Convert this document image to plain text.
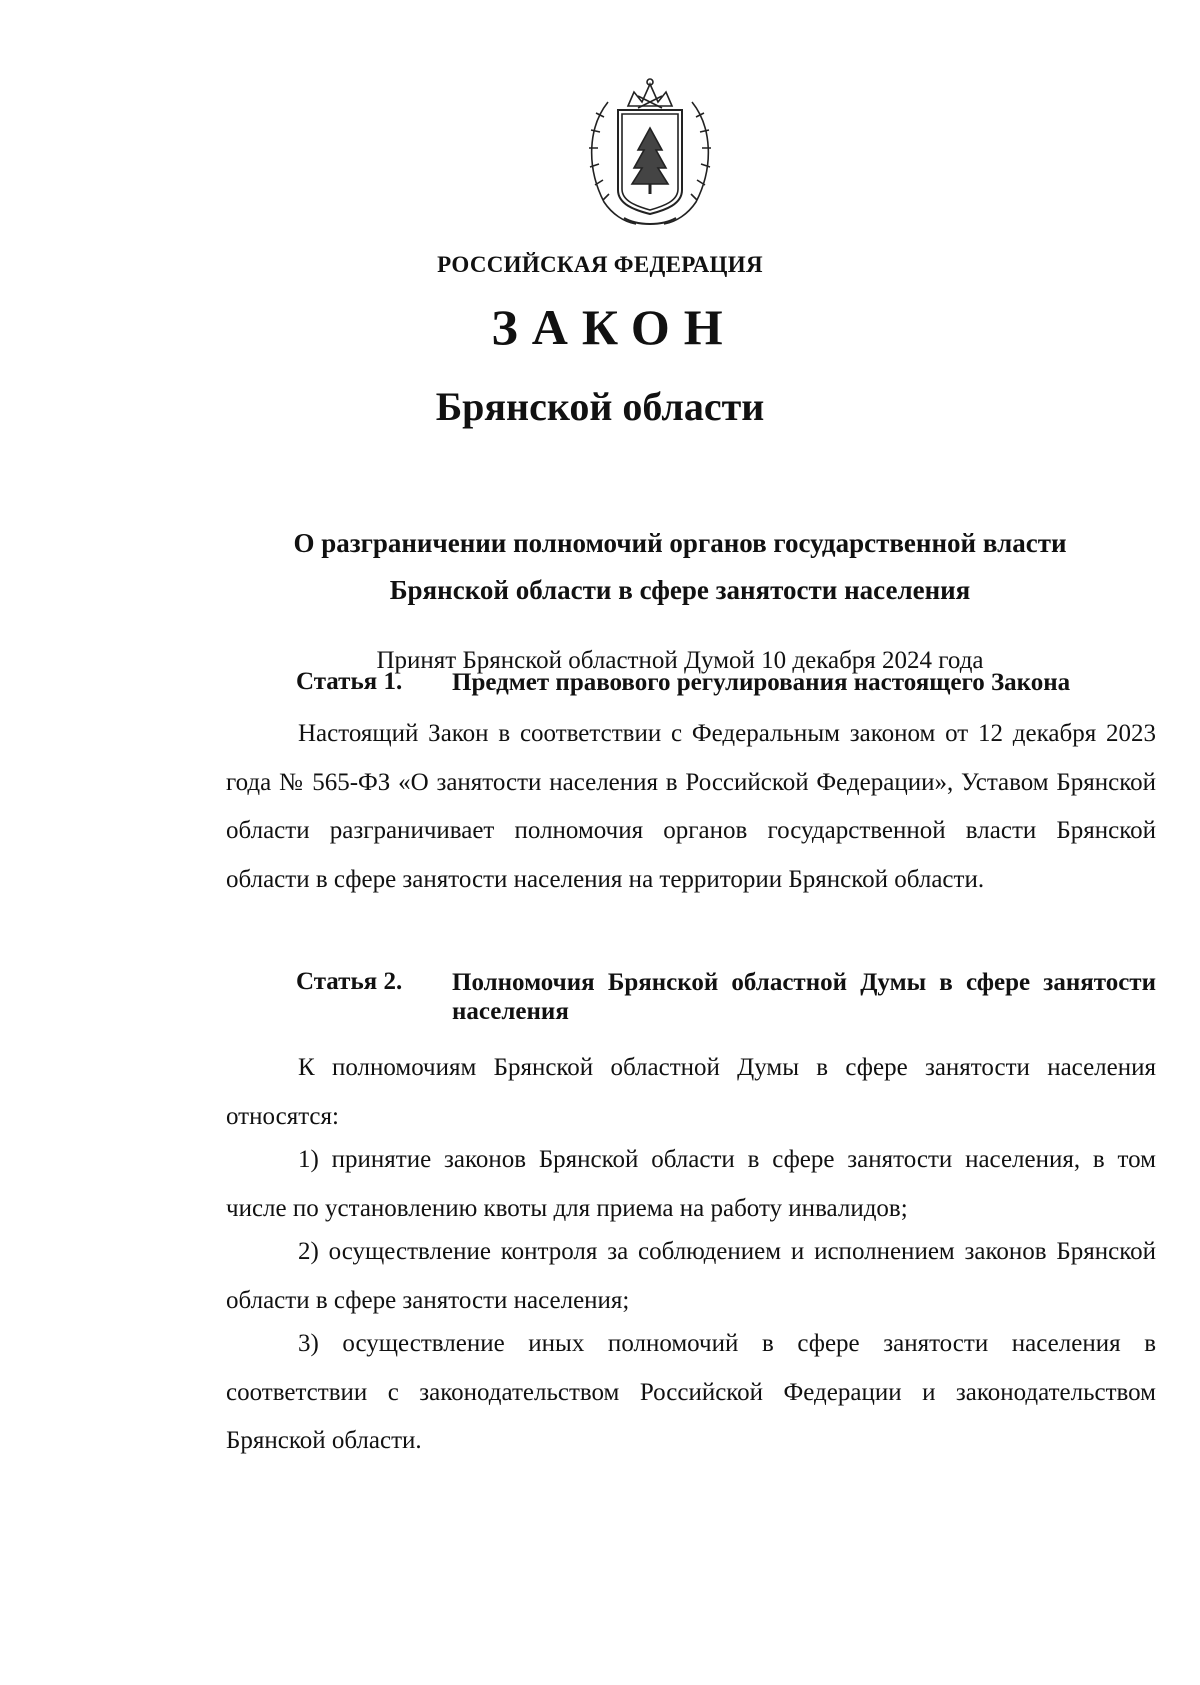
РОССИЙСКАЯ ФЕДЕРАЦИЯ
ЗАКОН
Брянской области
О разграничении полномочий органов государственной власти
Брянской области в сфере занятости населения
Принят Брянской областной Думой 10 декабря 2024 года
Статья 1. Предмет правового регулирования настоящего Закона

Настоящий Закон в соответствии с Федеральным законом от 12 декабря 2023 года № 565-ФЗ «О занятости населения в Российской Федерации», Уставом Брянской области разграничивает полномочия органов государственной власти Брянской области в сфере занятости населения на территории Брянской области.

Статья 2. Полномочия Брянской областной Думы в сфере занятости населения

К полномочиям Брянской областной Думы в сфере занятости населения относятся:

1) принятие законов Брянской области в сфере занятости населения, в том числе по установлению квоты для приема на работу инвалидов;

2) осуществление контроля за соблюдением и исполнением законов Брянской области в сфере занятости населения;

3) осуществление иных полномочий в сфере занятости населения в соответствии с законодательством Российской Федерации и законодательством Брянской области.
